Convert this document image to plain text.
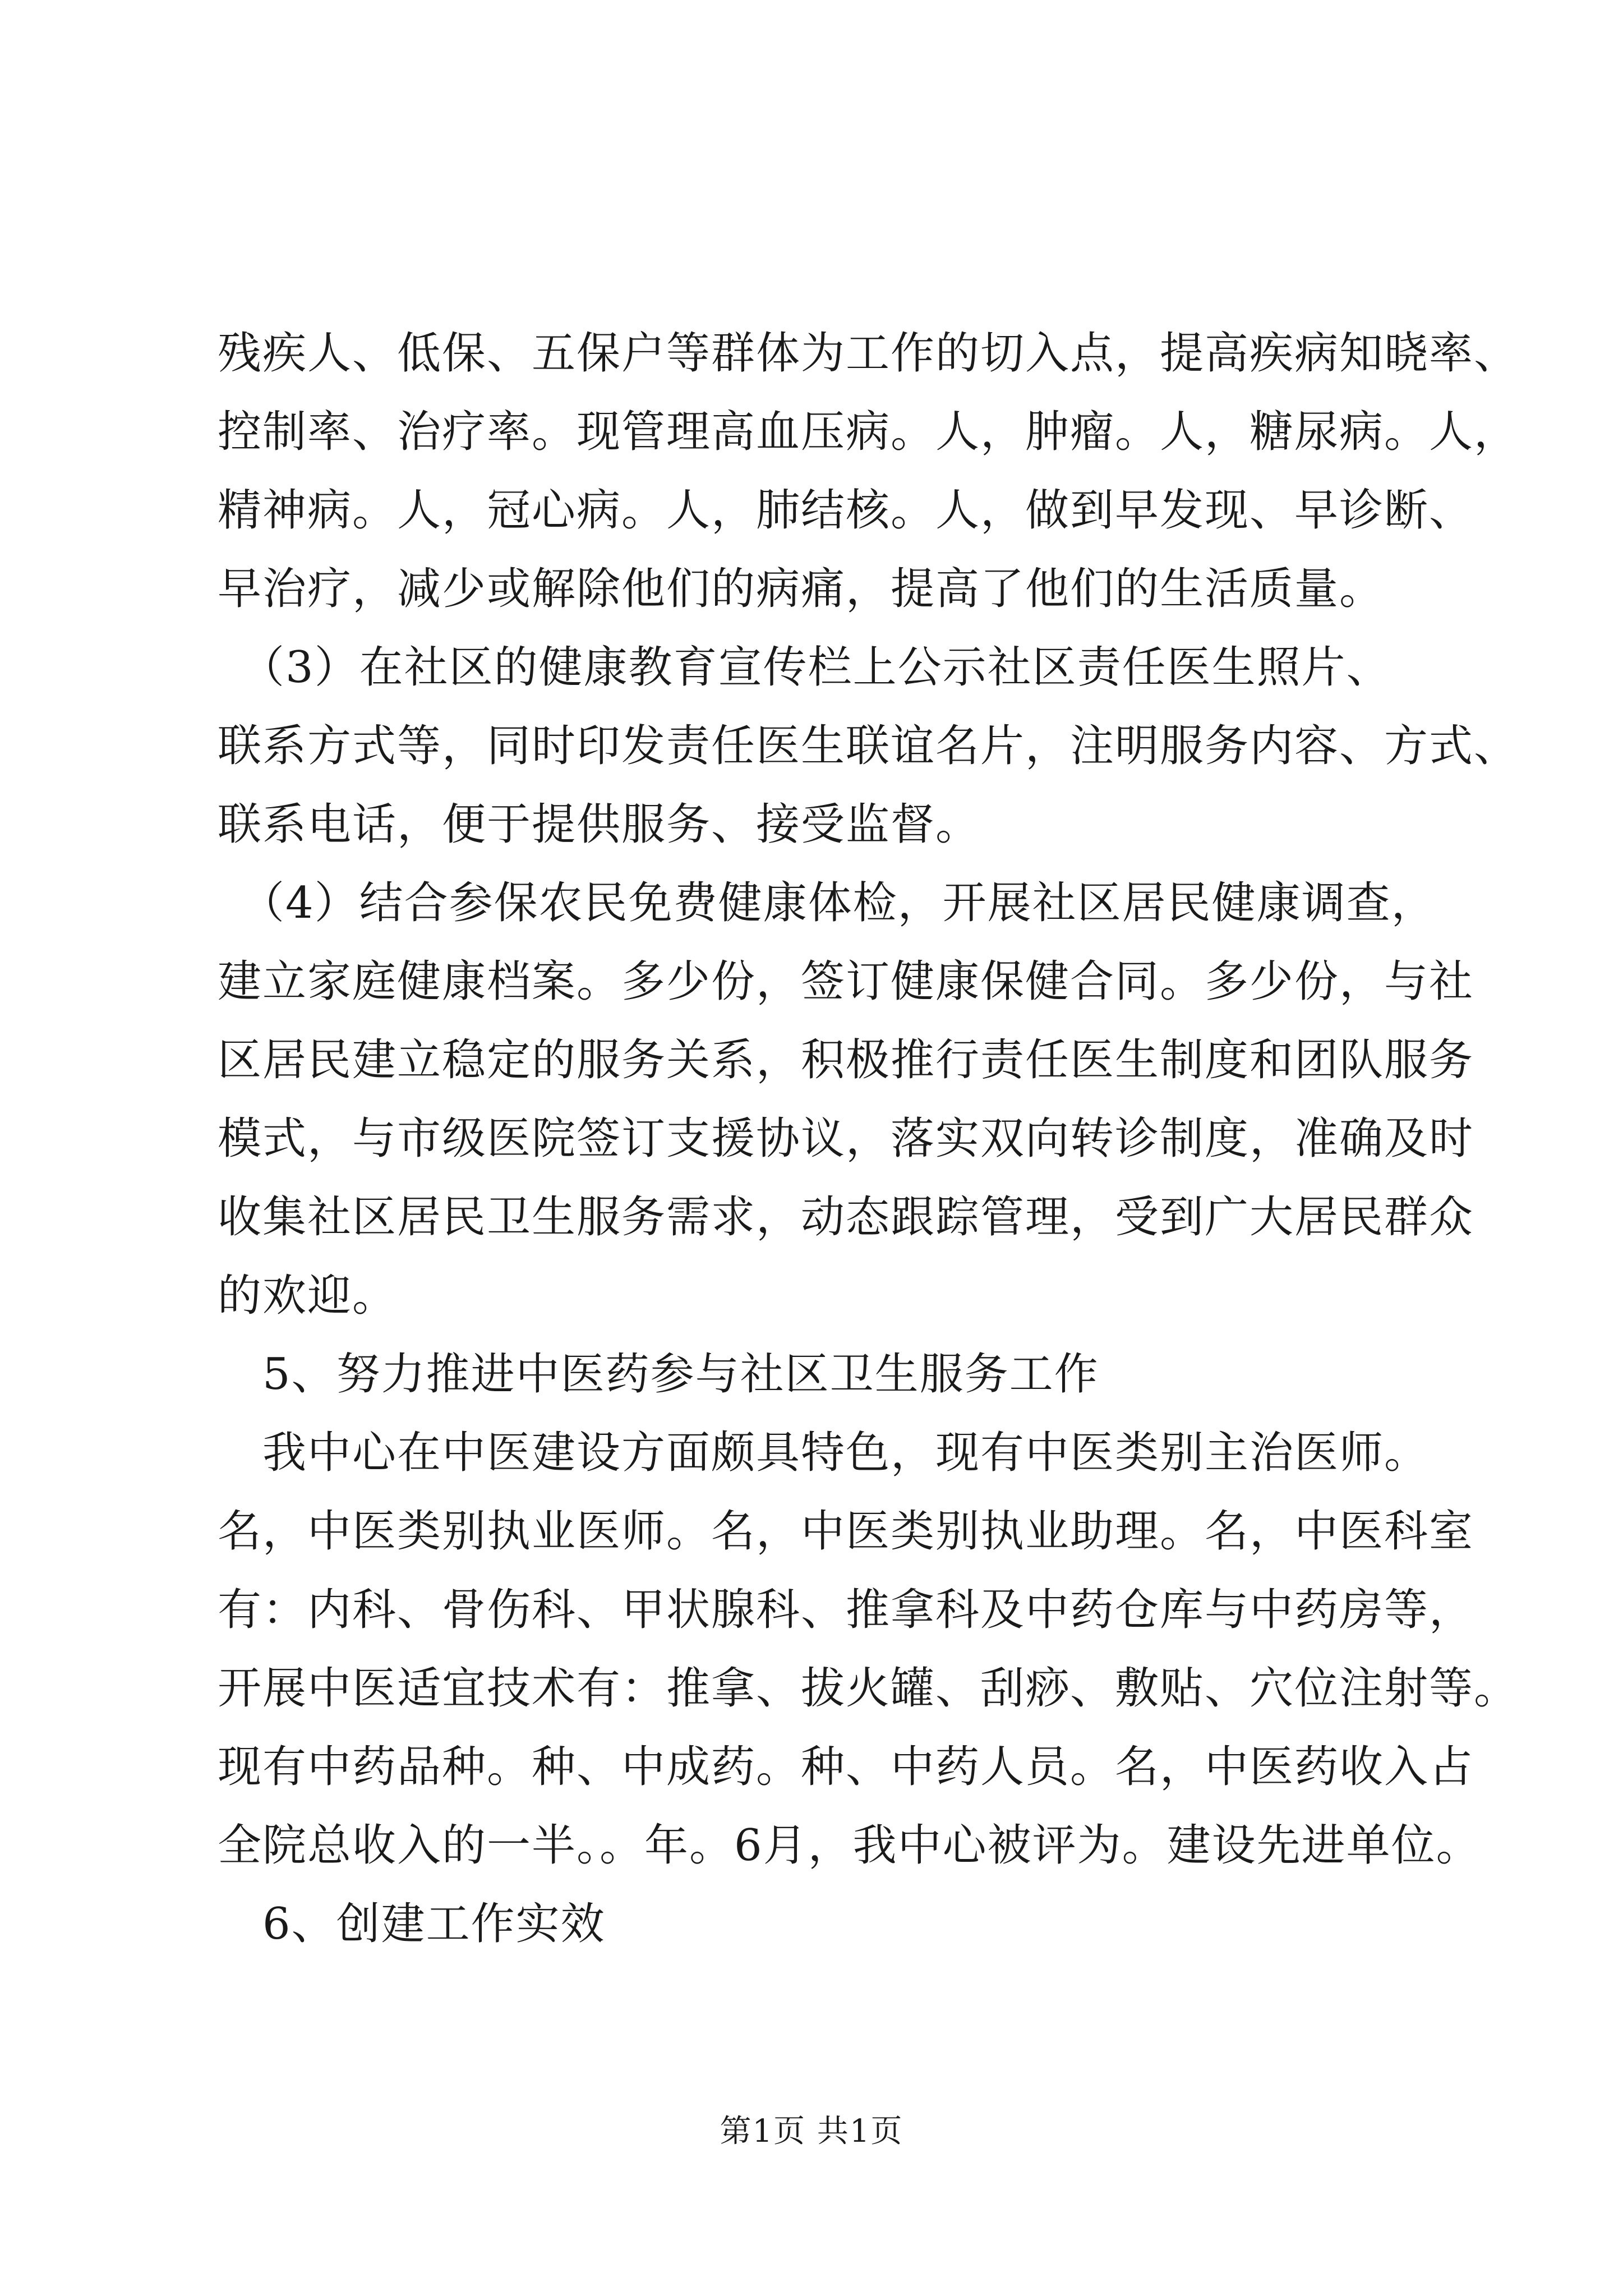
残疾人、低保、五保户等群体为工作的切入点，提高疾病知晓率、
控制率、治疗率。现管理高血压病。人，肿瘤。人，糖尿病。人，
精神病。人，冠心病。人，肺结核。人，做到早发现、早诊断、
早治疗，减少或解除他们的病痛，提高了他们的生活质量。
　（3）在社区的健康教育宣传栏上公示社区责任医生照片、
联系方式等，同时印发责任医生联谊名片，注明服务内容、方式、
联系电话，便于提供服务、接受监督。
　（4）结合参保农民免费健康体检，开展社区居民健康调查，
建立家庭健康档案。多少份，签订健康保健合同。多少份，与社
区居民建立稳定的服务关系，积极推行责任医生制度和团队服务
模式，与市级医院签订支援协议，落实双向转诊制度，准确及时
收集社区居民卫生服务需求，动态跟踪管理，受到广大居民群众
的欢迎。
　5、努力推进中医药参与社区卫生服务工作
　我中心在中医建设方面颇具特色，现有中医类别主治医师。
名，中医类别执业医师。名，中医类别执业助理。名，中医科室
有：内科、骨伤科、甲状腺科、推拿科及中药仓库与中药房等，
开展中医适宜技术有：推拿、拔火罐、刮痧、敷贴、穴位注射等。
现有中药品种。种、中成药。种、中药人员。名，中医药收入占
全院总收入的一半。。年。6月，我中心被评为。建设先进单位。
　6、创建工作实效
第1页 共1页
